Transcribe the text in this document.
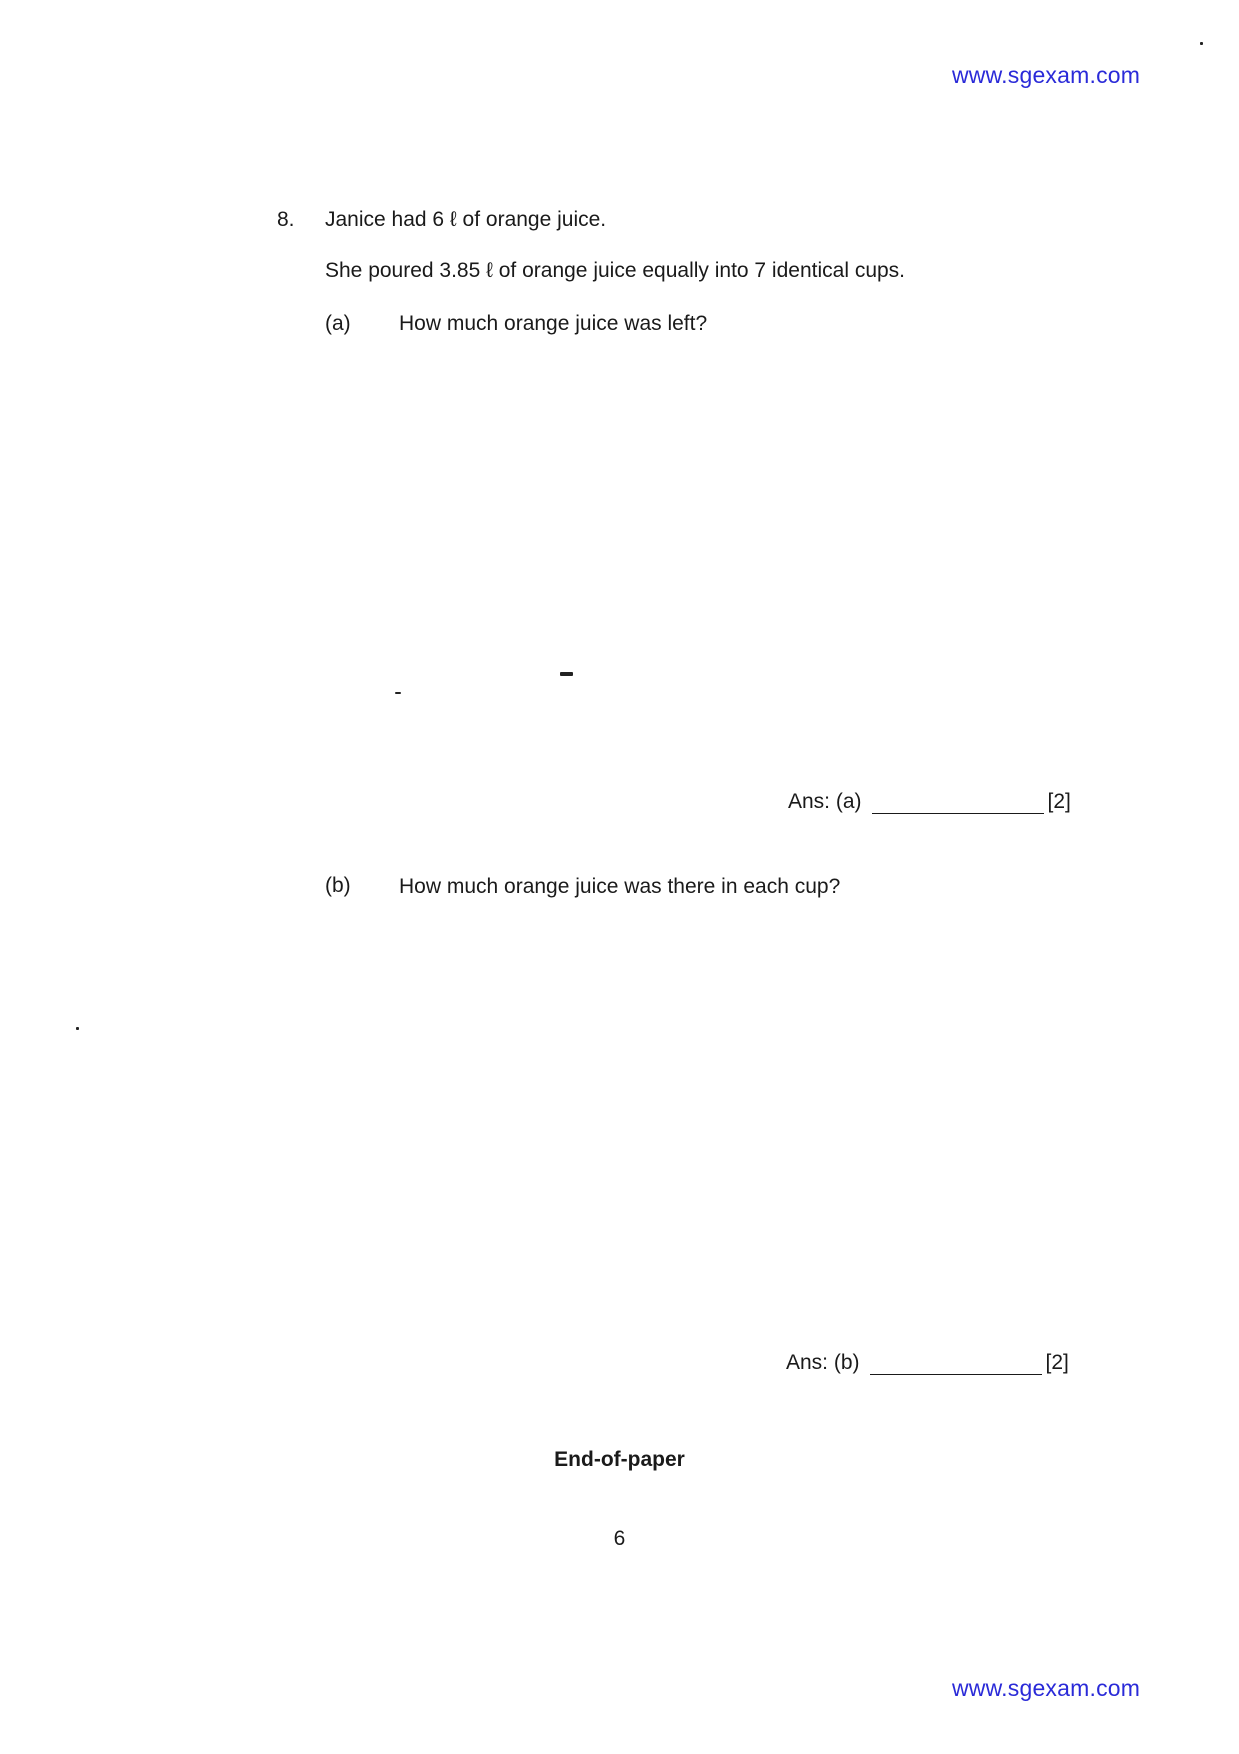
www.sgexam.com
8. Janice had 6 ℓ of orange juice.
She poured 3.85 ℓ of orange juice equally into 7 identical cups.
(a) How much orange juice was left?
Ans: (a)	[2]
(b) How much orange juice was there in each cup?
Ans: (b)	[2]
End-of-paper
6
www.sgexam.com
